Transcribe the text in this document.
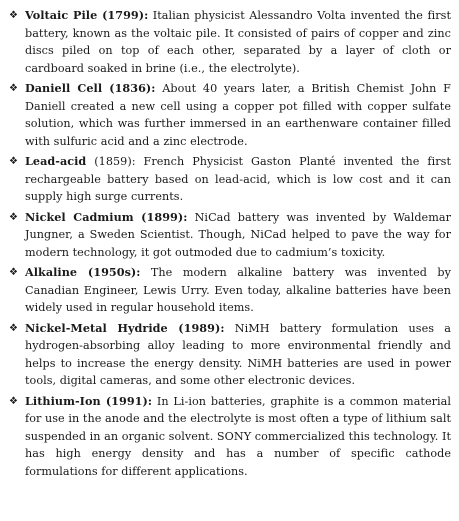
❖ Voltaic Pile (1799): Italian physicist Alessandro Volta invented the first battery, known as the voltaic pile. It consisted of pairs of copper and zinc discs piled on top of each other, separated by a layer of cloth or cardboard soaked in brine (i.e., the electrolyte).
❖ Daniell Cell (1836): About 40 years later, a British Chemist John F Daniell created a new cell using a copper pot filled with copper sulfate solution, which was further immersed in an earthenware container filled with sulfuric acid and a zinc electrode.
❖ Lead-acid (1859): French Physicist Gaston Planté invented the first rechargeable battery based on lead-acid, which is low cost and it can supply high surge currents.
❖ Nickel Cadmium (1899): NiCad battery was invented by Waldemar Jungner, a Sweden Scientist. Though, NiCad helped to pave the way for modern technology, it got outmoded due to cadmium’s toxicity.
❖ Alkaline (1950s): The modern alkaline battery was invented by Canadian Engineer, Lewis Urry. Even today, alkaline batteries have been widely used in regular household items.
❖ Nickel-Metal Hydride (1989): NiMH battery formulation uses a hydrogen-absorbing alloy leading to more environmental friendly and helps to increase the energy density. NiMH batteries are used in power tools, digital cameras, and some other electronic devices.
❖ Lithium-Ion (1991): In Li-ion batteries, graphite is a common material for use in the anode and the electrolyte is most often a type of lithium salt suspended in an organic solvent. SONY commercialized this technology. It has high energy density and has a number of specific cathode formulations for different applications.
